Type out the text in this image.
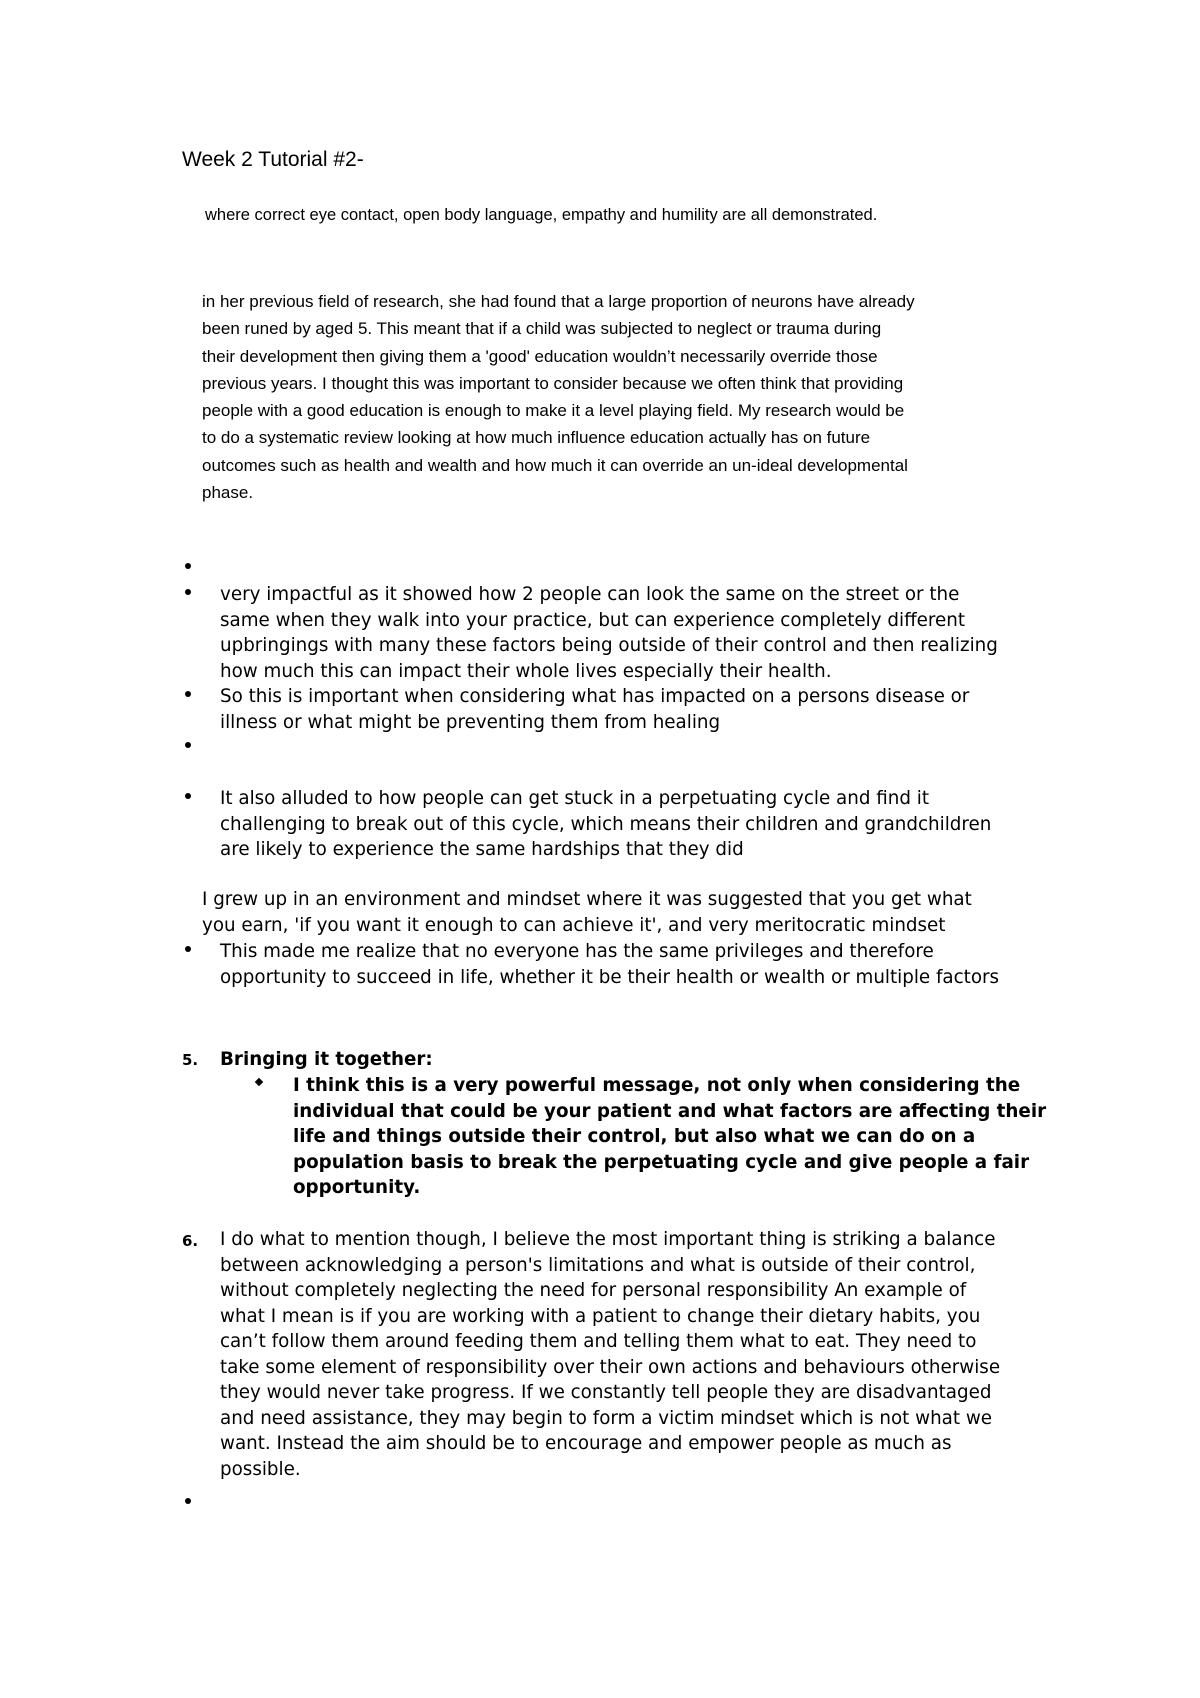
Week 2 Tutorial #2-
where correct eye contact, open body language, empathy and humility are all demonstrated.
in her previous field of research, she had found that a large proportion of neurons have already
been runed by aged 5. This meant that if a child was subjected to neglect or trauma during
their development then giving them a 'good' education wouldn’t necessarily override those
previous years. I thought this was important to consider because we often think that providing
people with a good education is enough to make it a level playing field. My research would be
to do a systematic review looking at how much influence education actually has on future
outcomes such as health and wealth and how much it can override an un-ideal developmental
phase.
very impactful as it showed how 2 people can look the same on the street or the
same when they walk into your practice, but can experience completely different
upbringings with many these factors being outside of their control and then realizing
how much this can impact their whole lives especially their health.
So this is important when considering what has impacted on a persons disease or
illness or what might be preventing them from healing
It also alluded to how people can get stuck in a perpetuating cycle and find it
challenging to break out of this cycle, which means their children and grandchildren
are likely to experience the same hardships that they did
I grew up in an environment and mindset where it was suggested that you get what
you earn, 'if you want it enough to can achieve it', and very meritocratic mindset
This made me realize that no everyone has the same privileges and therefore
opportunity to succeed in life, whether it be their health or wealth or multiple factors
5. Bringing it together:
I think this is a very powerful message, not only when considering the
individual that could be your patient and what factors are affecting their
life and things outside their control, but also what we can do on a
population basis to break the perpetuating cycle and give people a fair
opportunity.
6. I do what to mention though, I believe the most important thing is striking a balance
between acknowledging a person's limitations and what is outside of their control,
without completely neglecting the need for personal responsibility An example of
what I mean is if you are working with a patient to change their dietary habits, you
can’t follow them around feeding them and telling them what to eat. They need to
take some element of responsibility over their own actions and behaviours otherwise
they would never take progress. If we constantly tell people they are disadvantaged
and need assistance, they may begin to form a victim mindset which is not what we
want. Instead the aim should be to encourage and empower people as much as
possible.
